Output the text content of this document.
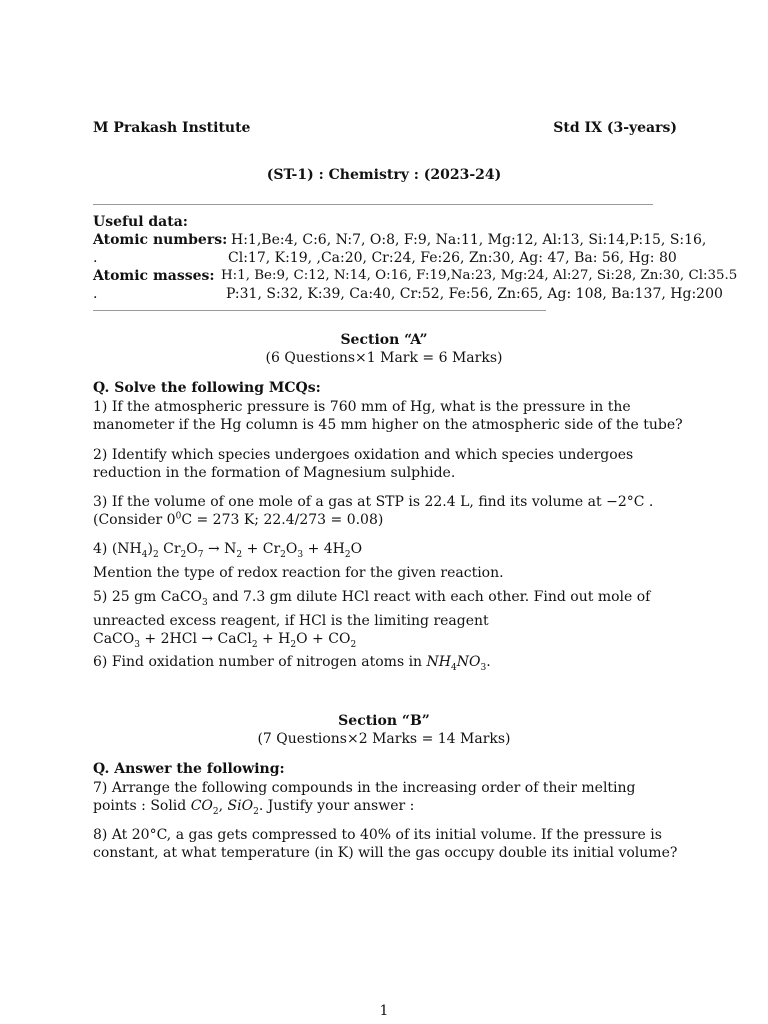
M Prakash Institute	Std IX (3-years)
(ST-1) : Chemistry : (2023-24)
Useful data:
Atomic numbers: H:1,Be:4, C:6, N:7, O:8, F:9, Na:11, Mg:12, Al:13, Si:14,P:15, S:16,
.	Cl:17, K:19, ,Ca:20, Cr:24, Fe:26, Zn:30, Ag: 47, Ba: 56, Hg: 80
Atomic masses: H:1, Be:9, C:12, N:14, O:16, F:19,Na:23, Mg:24, Al:27, Si:28, Zn:30, Cl:35.5
.	P:31, S:32, K:39, Ca:40, Cr:52, Fe:56, Zn:65, Ag: 108, Ba:137, Hg:200
Section “A”
(6 Questions×1 Mark = 6 Marks)
Q. Solve the following MCQs:

1) If the atmospheric pressure is 760 mm of Hg, what is the pressure in the manometer if the Hg column is 45 mm higher on the atmospheric side of the tube?

2) Identify which species undergoes oxidation and which species undergoes reduction in the formation of Magnesium sulphide.

3) If the volume of one mole of a gas at STP is 22.4 L, find its volume at −2°C .

(Consider $0^0C = 273$ K; 22.4/273 = 0.08)

4) $(NH_4)_2$ $Cr_2O_7 \to N_2 + Cr_2O_3 + 4H_2O$

Mention the type of redox reaction for the given reaction.

5) 25 gm CaCO$_3$ and 7.3 gm dilute HCl react with each other. Find out mole of unreacted excess reagent, if HCl is the limiting reagent

CaCO$_3$ + 2HCl → CaCl$_2$ + $H_2O + CO_2$

6) Find oxidation number of nitrogen atoms in $NH_4NO_3$.

Section “B”
(7 Questions×2 Marks = 14 Marks)
Q. Answer the following:

7) Arrange the following compounds in the increasing order of their melting points : Solid $CO_2$, SiO$_2$. Justify your answer :

8) At 20°C, a gas gets compressed to 40% of its initial volume. If the pressure is constant, at what temperature (in K) will the gas occupy double its initial volume?

1
